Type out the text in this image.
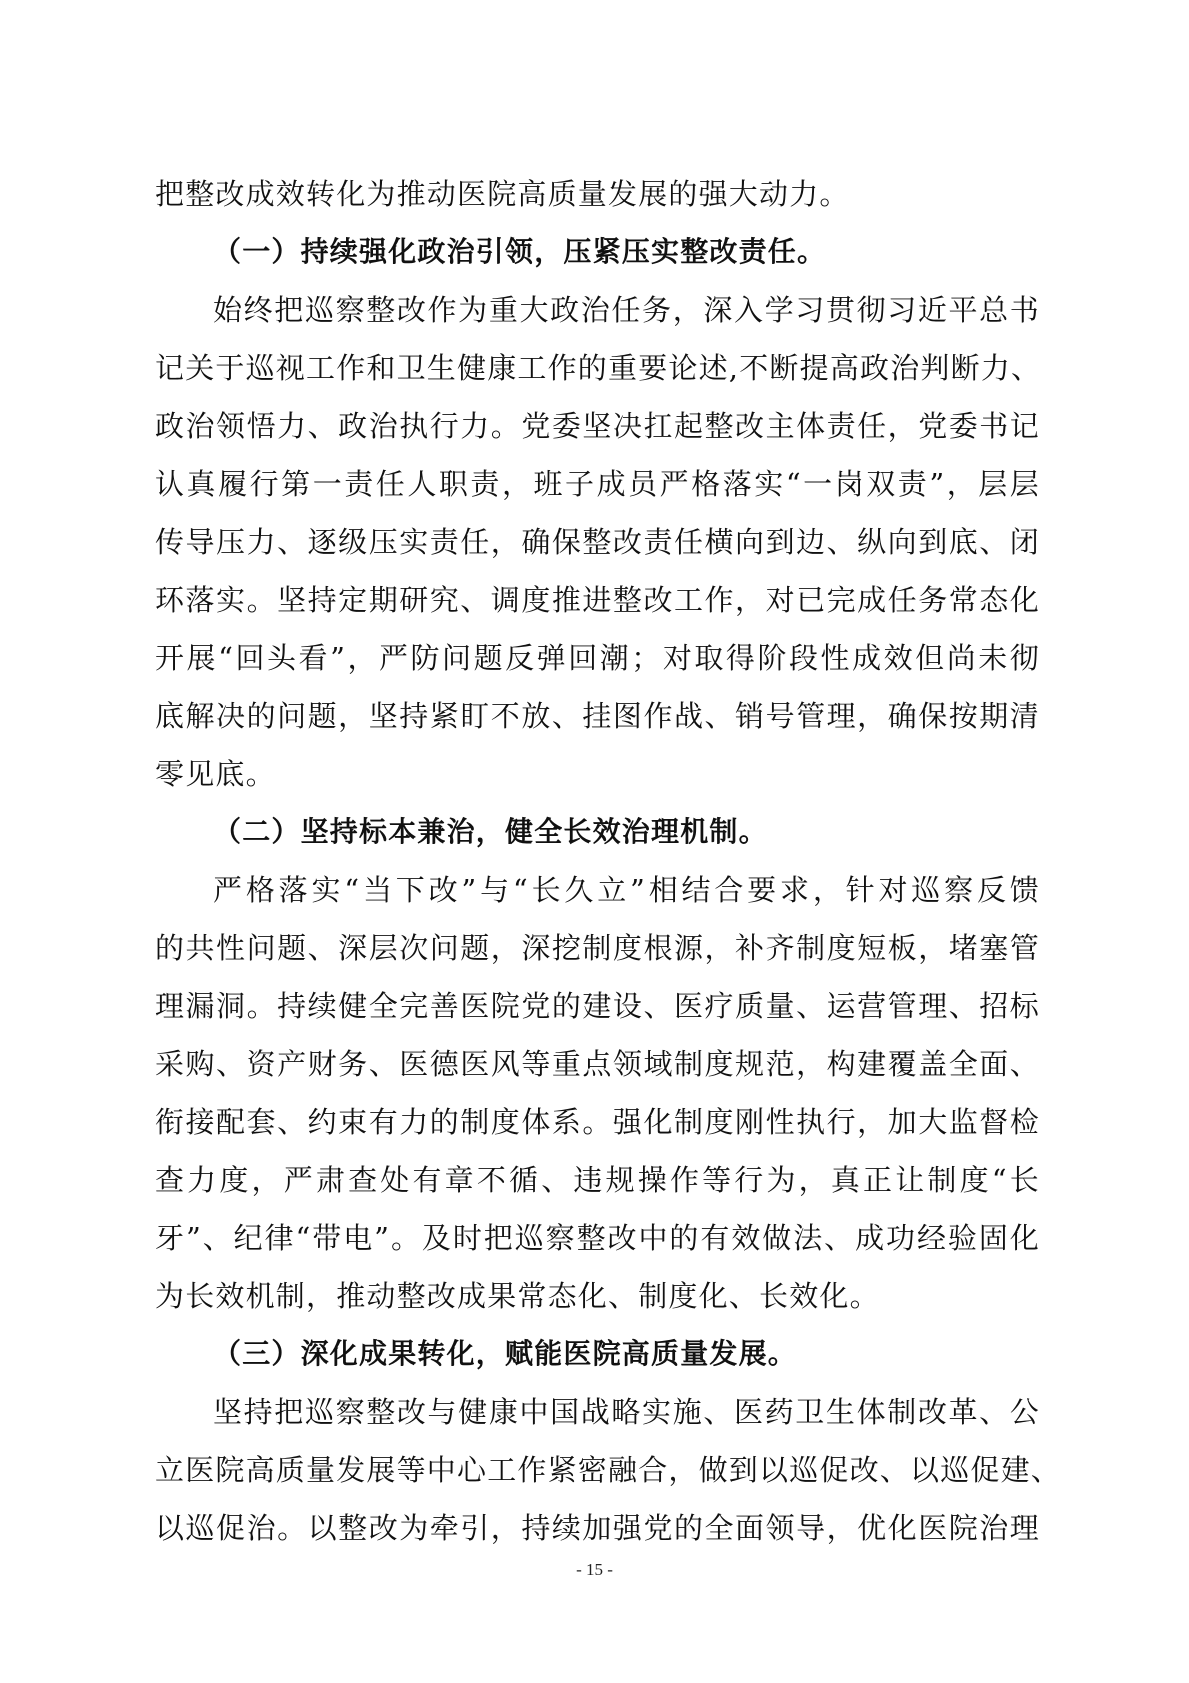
把整改成效转化为推动医院高质量发展的强大动力。
（一）持续强化政治引领，压紧压实整改责任。
始终把巡察整改作为重大政治任务，深入学习贯彻习近平总书
记关于巡视工作和卫生健康工作的重要论述,不断提高政治判断力、
政治领悟力、政治执行力。党委坚决扛起整改主体责任，党委书记
认真履行第一责任人职责，班子成员严格落实“一岗双责”，层层
传导压力、逐级压实责任，确保整改责任横向到边、纵向到底、闭
环落实。坚持定期研究、调度推进整改工作，对已完成任务常态化
开展“回头看”，严防问题反弹回潮；对取得阶段性成效但尚未彻
底解决的问题，坚持紧盯不放、挂图作战、销号管理，确保按期清
零见底。
（二）坚持标本兼治，健全长效治理机制。
严格落实“当下改”与“长久立”相结合要求，针对巡察反馈
的共性问题、深层次问题，深挖制度根源，补齐制度短板，堵塞管
理漏洞。持续健全完善医院党的建设、医疗质量、运营管理、招标
采购、资产财务、医德医风等重点领域制度规范，构建覆盖全面、
衔接配套、约束有力的制度体系。强化制度刚性执行，加大监督检
查力度，严肃查处有章不循、违规操作等行为，真正让制度“长
牙”、纪律“带电”。及时把巡察整改中的有效做法、成功经验固化
为长效机制，推动整改成果常态化、制度化、长效化。
（三）深化成果转化，赋能医院高质量发展。
坚持把巡察整改与健康中国战略实施、医药卫生体制改革、公
立医院高质量发展等中心工作紧密融合，做到以巡促改、以巡促建、
以巡促治。以整改为牵引，持续加强党的全面领导，优化医院治理
- 15 -
